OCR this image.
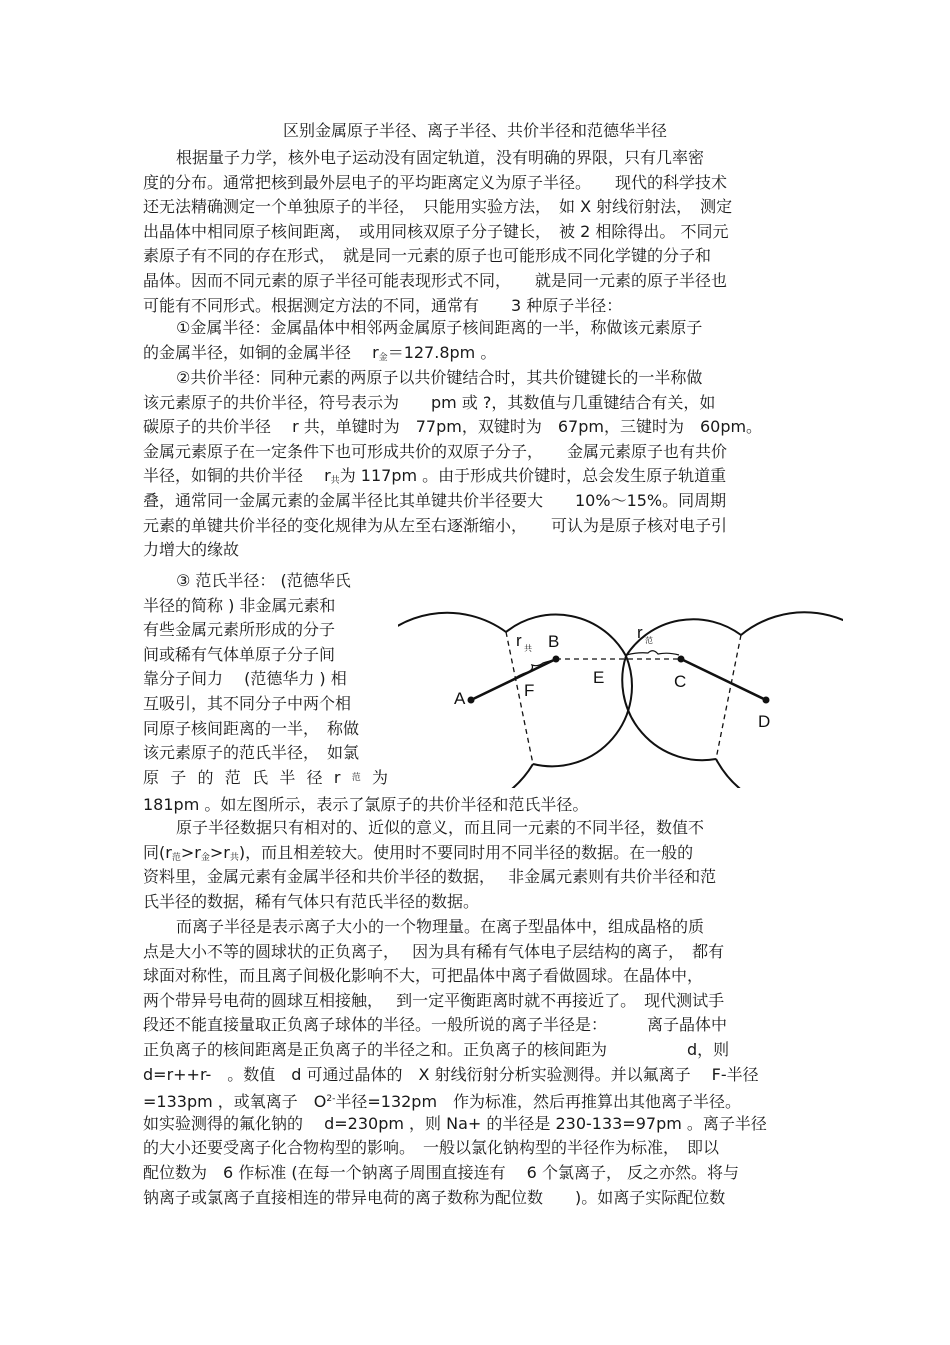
区别金属原子半径、离子半径、共价半径和范德华半径
根据量子力学，核外电子运动没有固定轨道，没有明确的界限，只有几率密
度的分布。通常把核到最外层电子的平均距离定义为原子半径。　　现代的科学技术
还无法精确测定一个单独原子的半径，　只能用实验方法，　如 X 射线衍射法，　测定
出晶体中相同原子核间距离，　或用同核双原子分子键长，　被 2 相除得出。 不同元
素原子有不同的存在形式，　就是同一元素的原子也可能形成不同化学键的分子和
晶体。因而不同元素的原子半径可能表现形式不同，　　就是同一元素的原子半径也
可能有不同形式。根据测定方法的不同，通常有　　3 种原子半径：
①金属半径：金属晶体中相邻两金属原子核间距离的一半，称做该元素原子
的金属半径，如铜的金属半径　 $r_金=127.8pm$ 。
②共价半径：同种元素的两原子以共价键结合时，其共价键键长的一半称做
该元素原子的共价半径，符号表示为　　pm 或 ?，其数值与几重键结合有关，如
碳原子的共价半径　 r 共，单键时为　77pm，双键时为　67pm，三键时为　60pm。
金属元素原子在一定条件下也可形成共价的双原子分子，　　金属元素原子也有共价
半径，如铜的共价半径　 $r_共$为 117pm 。由于形成共价键时，总会发生原子轨道重
叠，通常同一金属元素的金属半径比其单键共价半径要大　　10%～15%。同周期
元素的单键共价半径的变化规律为从左至右逐渐缩小，　　可认为是原子核对电子引
力增大的缘故
③ 范氏半径： (范德华氏
半径的简称 ) 非金属元素和
有些金属元素所形成的分子
间或稀有气体单原子分子间
靠分子间力　 (范德华力 ) 相
互吸引，其不同分子中两个相
同原子核间距离的一半，　称做
该元素原子的范氏半径，　如氯
原 子 的 范 氏 半 径 r 范 为
A
B
C
D
E
F
r	r
共
范
181pm 。如左图所示，表示了氯原子的共价半径和范氏半径。
原子半径数据只有相对的、近似的意义，而且同一元素的不同半径，数值不
同$(r_范>r_金>r_共)$，而且相差较大。使用时不要同时用不同半径的数据。在一般的
资料里，金属元素有金属半径和共价半径的数据，　 非金属元素则有共价半径和范
氏半径的数据，稀有气体只有范氏半径的数据。
而离子半径是表示离子大小的一个物理量。在离子型晶体中，组成晶格的质
点是大小不等的圆球状的正负离子，　 因为具有稀有气体电子层结构的离子，　都有
球面对称性，而且离子间极化影响不大，可把晶体中离子看做圆球。在晶体中，
两个带异号电荷的圆球互相接触，　 到一定平衡距离时就不再接近了。　现代测试手
段还不能直接量取正负离子球体的半径。一般所说的离子半径是：　　　离子晶体中
正负离子的核间距离是正负离子的半径之和。正负离子的核间距为　　　　　d，则
d=r++r-　。数值　d 可通过晶体的　X 射线衍射分析实验测得。并以氟离子　 F-半径
=133pm ，或氧离子　$O^{2-}$半径=132pm　作为标准，然后再推算出其他离子半径。
如实验测得的氟化钠的　 d=230pm ，则 Na+ 的半径是 230-133=97pm 。离子半径
的大小还要受离子化合物构型的影响。　一般以氯化钠构型的半径作为标准，　即以
配位数为　6 作标准 (在每一个钠离子周围直接连有　 6 个氯离子， 反之亦然。将与
钠离子或氯离子直接相连的带异电荷的离子数称为配位数　　)。如离子实际配位数
